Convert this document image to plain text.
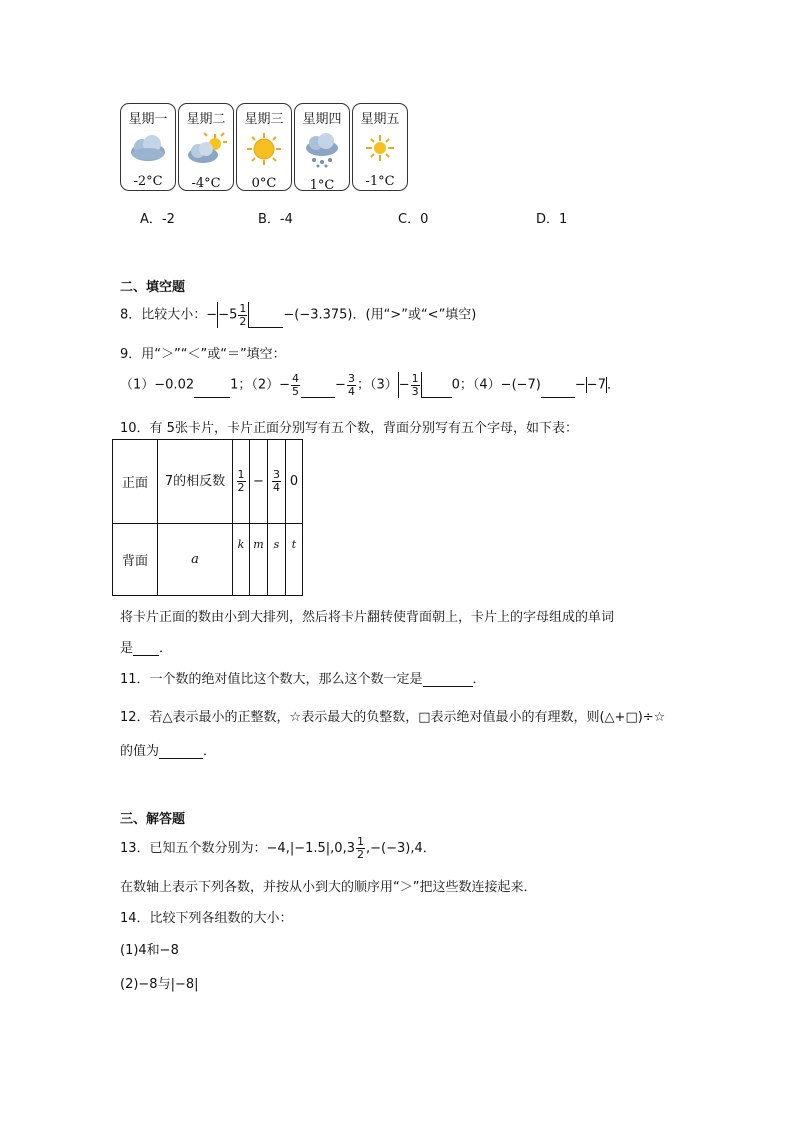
星期一
-2°C
星期二
-4°C
星期三
0°C
星期四
1°C
星期五
-1°C
A．-2	B．-4	C．0	D．1
二、填空题
8．比较大小：$--5 \frac{1}{2}$	−(−3.375)．(用“>”或“<”填空)
9．用“＞”“＜”或“＝”填空：
（1）−0.02	1；$(2)- \frac{4}{5}$	− $\frac{3}{4}$ ；$(3)- \frac{1}{3} 0$；（4）−(−7)	−−7．
10．有 5张卡片，卡片正面分别写有五个数，背面分别写有五个字母，如下表：
正面	7的相反数	$\frac{1}{2}$	−	$\frac{3}{4}$	0
背面	a	k	m	s	t
将卡片正面的数由小到大排列，然后将卡片翻转使背面朝上，卡片上的字母组成的单词
是 ．
11．一个数的绝对值比这个数大，那么这个数一定是	．
12．若△表示最小的正整数，☆表示最大的负整数，□表示绝对值最小的有理数，则(△+□)÷☆
的值为	．
三、解答题
13．已知五个数分别为：$-4,|-1.5|,0,3 \frac{1}{2} ,-(-3),4$．
在数轴上表示下列各数，并按从小到大的顺序用“＞”把这些数连接起来．
14．比较下列各组数的大小：
(1)4和−8
(2)−8与|−8|
